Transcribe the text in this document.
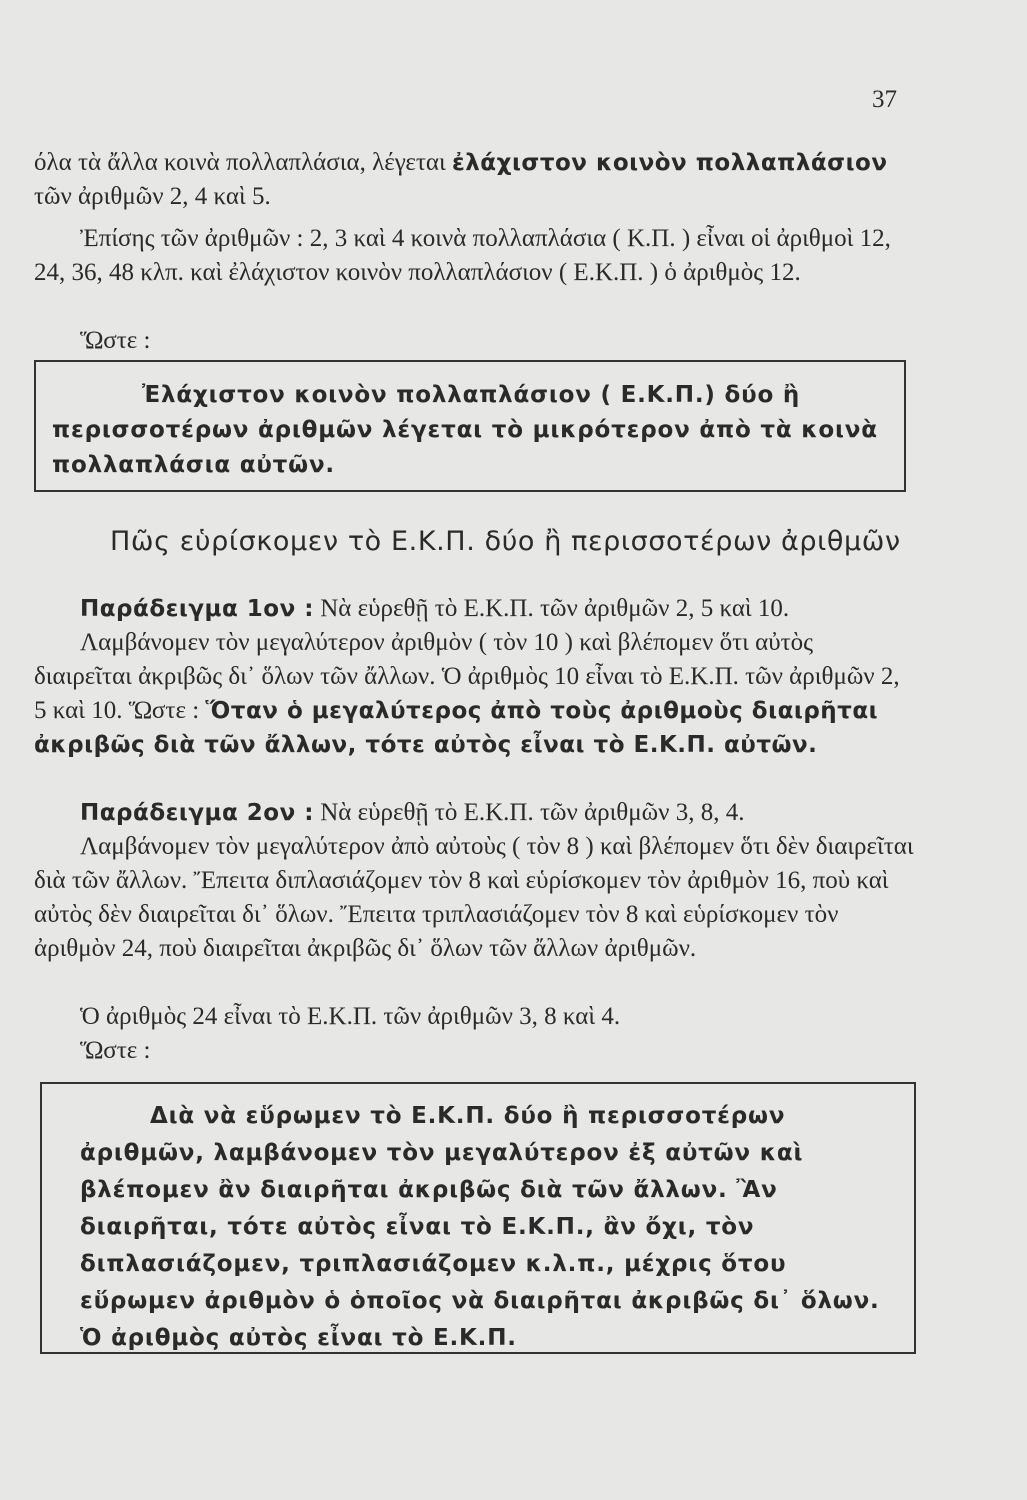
37

όλα τὰ ἄλλα κοινὰ πολλαπλάσια, λέγεται ἐλάχιστον κοινὸν πολλαπλάσιον τῶν ἀριθμῶν 2, 4 καὶ 5.

Ἐπίσης τῶν ἀριθμῶν : 2, 3 καὶ 4 κοινὰ πολλαπλάσια ( Κ.Π. ) εἶναι οἱ ἀριθμοὶ 12, 24, 36, 48 κλπ. καὶ ἐλάχιστον κοινὸν πολλαπλάσιον ( Ε.Κ.Π. ) ὁ ἀριθμὸς 12.

Ὥστε :

Ἐλάχιστον κοινὸν πολλαπλάσιον ( Ε.Κ.Π.) δύο ἢ περισσοτέρων ἀριθμῶν λέγεται τὸ μικρότερον ἀπὸ τὰ κοινὰ πολλαπλάσια αὐτῶν.

Πῶς εὑρίσκομεν τὸ Ε.Κ.Π. δύο ἢ περισσοτέρων ἀριθμῶν

Παράδειγμα 1ον : Νὰ εὑρεθῇ τὸ Ε.Κ.Π. τῶν ἀριθμῶν 2, 5 καὶ 10.

Λαμβάνομεν τὸν μεγαλύτερον ἀριθμὸν ( τὸν 10 ) καὶ βλέπομεν ὅτι αὐτὸς διαιρεῖται ἀκριβῶς δι᾿ ὅλων τῶν ἄλλων. Ὁ ἀριθμὸς 10 εἶναι τὸ Ε.Κ.Π. τῶν ἀριθμῶν 2, 5 καὶ 10. Ὥστε : Ὅταν ὁ μεγαλύτερος ἀπὸ τοὺς ἀριθμοὺς διαιρῆται ἀκριβῶς διὰ τῶν ἄλλων, τότε αὐτὸς εἶναι τὸ Ε.Κ.Π. αὐτῶν.

Παράδειγμα 2ον : Νὰ εὑρεθῇ τὸ Ε.Κ.Π. τῶν ἀριθμῶν 3, 8, 4.

Λαμβάνομεν τὸν μεγαλύτερον ἀπὸ αὐτοὺς ( τὸν 8 ) καὶ βλέπομεν ὅτι δὲν διαιρεῖται διὰ τῶν ἄλλων. Ἔπειτα διπλασιάζομεν τὸν 8 καὶ εὑρίσκομεν τὸν ἀριθμὸν 16, ποὺ καὶ αὐτὸς δὲν διαιρεῖται δι᾿ ὅλων. Ἔπειτα τριπλασιάζομεν τὸν 8 καὶ εὑρίσκομεν τὸν ἀριθμὸν 24, ποὺ διαιρεῖται ἀκριβῶς δι᾿ ὅλων τῶν ἄλλων ἀριθμῶν.

Ὁ ἀριθμὸς 24 εἶναι τὸ Ε.Κ.Π. τῶν ἀριθμῶν 3, 8 καὶ 4.

Ὥστε :

Διὰ νὰ εὕρωμεν τὸ Ε.Κ.Π. δύο ἢ περισσοτέρων ἀριθμῶν, λαμβάνομεν τὸν μεγαλύτερον ἐξ αὐτῶν καὶ βλέπομεν ἂν διαιρῆται ἀκριβῶς διὰ τῶν ἄλλων. Ἂν διαιρῆται, τότε αὐτὸς εἶναι τὸ Ε.Κ.Π., ἂν ὄχι, τὸν διπλασιάζομεν, τριπλασιάζομεν κ.λ.π., μέχρις ὅτου εὕρωμεν ἀριθμὸν ὁ ὁποῖος νὰ διαιρῆται ἀκριβῶς δι᾿ ὅλων. Ὁ ἀριθμὸς αὐτὸς εἶναι τὸ Ε.Κ.Π.
